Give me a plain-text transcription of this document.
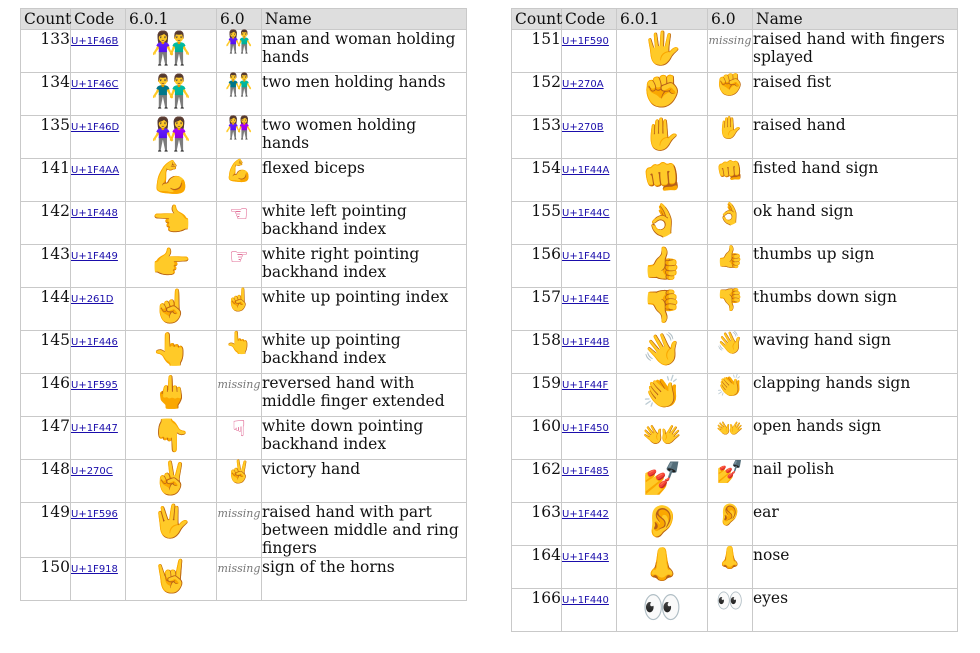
Count	Code	6.0.1	6.0	Name
133	U+1F46B	👫	👫	man and woman holding hands
134	U+1F46C	👬	👬	two men holding hands
135	U+1F46D	👭	👭	two women holding hands
141	U+1F4AA	💪	💪	flexed biceps
142	U+1F448	👈	☜	white left pointing backhand index
143	U+1F449	👉	☞	white right pointing backhand index
144	U+261D	☝	☝	white up pointing index
145	U+1F446	👆	👆	white up pointing backhand index
146	U+1F595	🖕	missing	reversed hand with middle finger extended
147	U+1F447	👇	☟	white down pointing backhand index
148	U+270C	✌	✌	victory hand
149	U+1F596	🖖	missing	raised hand with part between middle and ring fingers
150	U+1F918	🤘	missing	sign of the horns
Count	Code	6.0.1	6.0	Name
151	U+1F590	🖐	missing	raised hand with fingers splayed
152	U+270A	✊	✊	raised fist
153	U+270B	✋	✋	raised hand
154	U+1F44A	👊	👊	fisted hand sign
155	U+1F44C	👌	👌	ok hand sign
156	U+1F44D	👍	👍	thumbs up sign
157	U+1F44E	👎	👎	thumbs down sign
158	U+1F44B	👋	👋	waving hand sign
159	U+1F44F	👏	👏	clapping hands sign
160	U+1F450	👐	👐	open hands sign
162	U+1F485	💅	💅	nail polish
163	U+1F442	👂	👂	ear
164	U+1F443	👃	👃	nose
166	U+1F440	👀	👀	eyes
